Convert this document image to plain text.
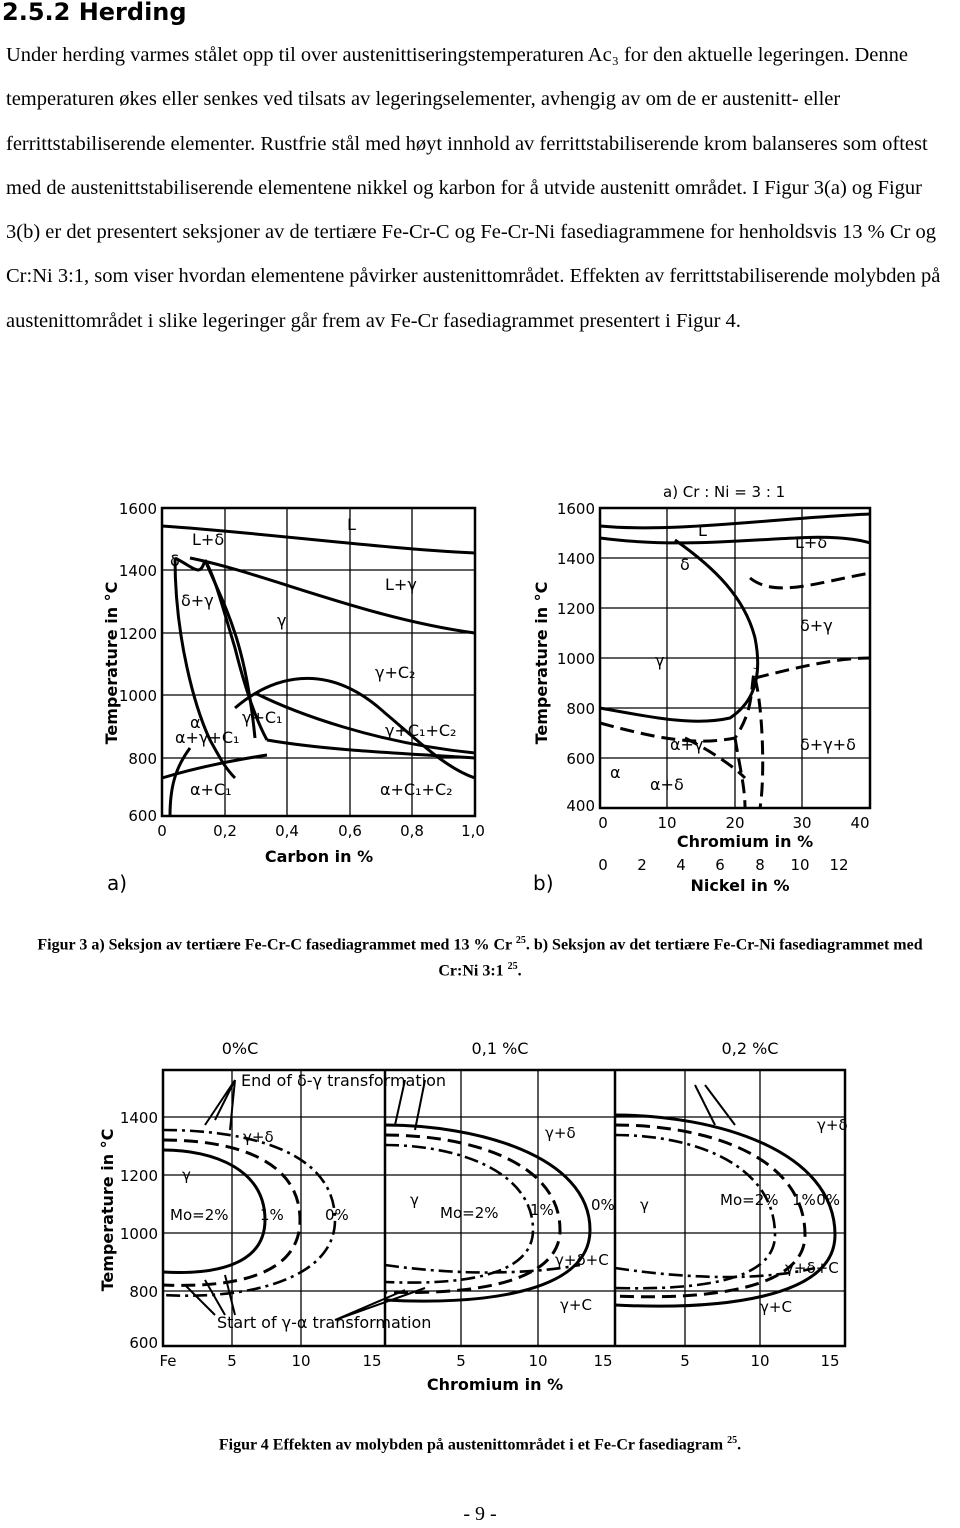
2.5.2 Herding

Under herding varmes stålet opp til over austenittiseringstemperaturen Ac₃ for den aktuelle legeringen. Denne temperaturen økes eller senkes ved tilsats av legeringselementer, avhengig av om de er austenitt- eller ferrittstabiliserende elementer. Rustfrie stål med høyt innhold av ferrittstabiliserende krom balanseres som oftest med de austenittstabiliserende elementene nikkel og karbon for å utvide austenitt området. I Figur 3(a) og Figur 3(b) er det presentert seksjoner av de tertiære Fe-Cr-C og Fe-Cr-Ni fasediagrammene for henholdsvis 13 % Cr og Cr:Ni 3:1, som viser hvordan elementene påvirker austenittområdet. Effekten av ferrittstabiliserende molybden på austenittområdet i slike legeringer går frem av Fe-Cr fasediagrammet presentert i Figur 4.

L
L+δ
δ
δ+γ
L+γ
γ
γ+C₂
γ+C₁
α
α+γ+C₁	γ+C₁+C₂
α+C₁	α+C₁+C₂
1600
1400
1200
1000
800
600
0	0,2	0,4	0,6	0,8 1,0
Carbon in %
Temperature in °C
a)
L
L+δ
δ
δ+γ
γ
α+γ	δ+γ+δ
α
α+δ
a) Cr : Ni = 3 : 1
1600
1400
1200
1000
800
600
400
0	10	20	30	40
Chromium in %
0 2 4 6 8 10 12
Nickel in %
Temperature in °C
b)

Figur 3 a) Seksjon av tertiære Fe-Cr-C fasediagrammet med 13 % Cr $^{25}$. b) Seksjon av det tertiære Fe-Cr-Ni fasediagrammet med Cr:Ni 3:1 $^{25}$.

End of δ-γ transformation
Start of γ-α transformation
0%C	0,1 %C	0,2 %C
γ+δ
γ
Mo=2% 1%	0%
γ+δ
γ
Mo=2% 1% 0%
γ+δ+C
γ+C
γ+δ
γ	Mo=2% 1% 0%
γ+δ+C
γ+C
1400
1200
1000
800
600
Fe	5	10	15	5	10	15	5	10	15
Chromium in %
Temperature in °C

Figur 4 Effekten av molybden på austenittområdet i et Fe-Cr fasediagram $^{25}$.

- 9 -
